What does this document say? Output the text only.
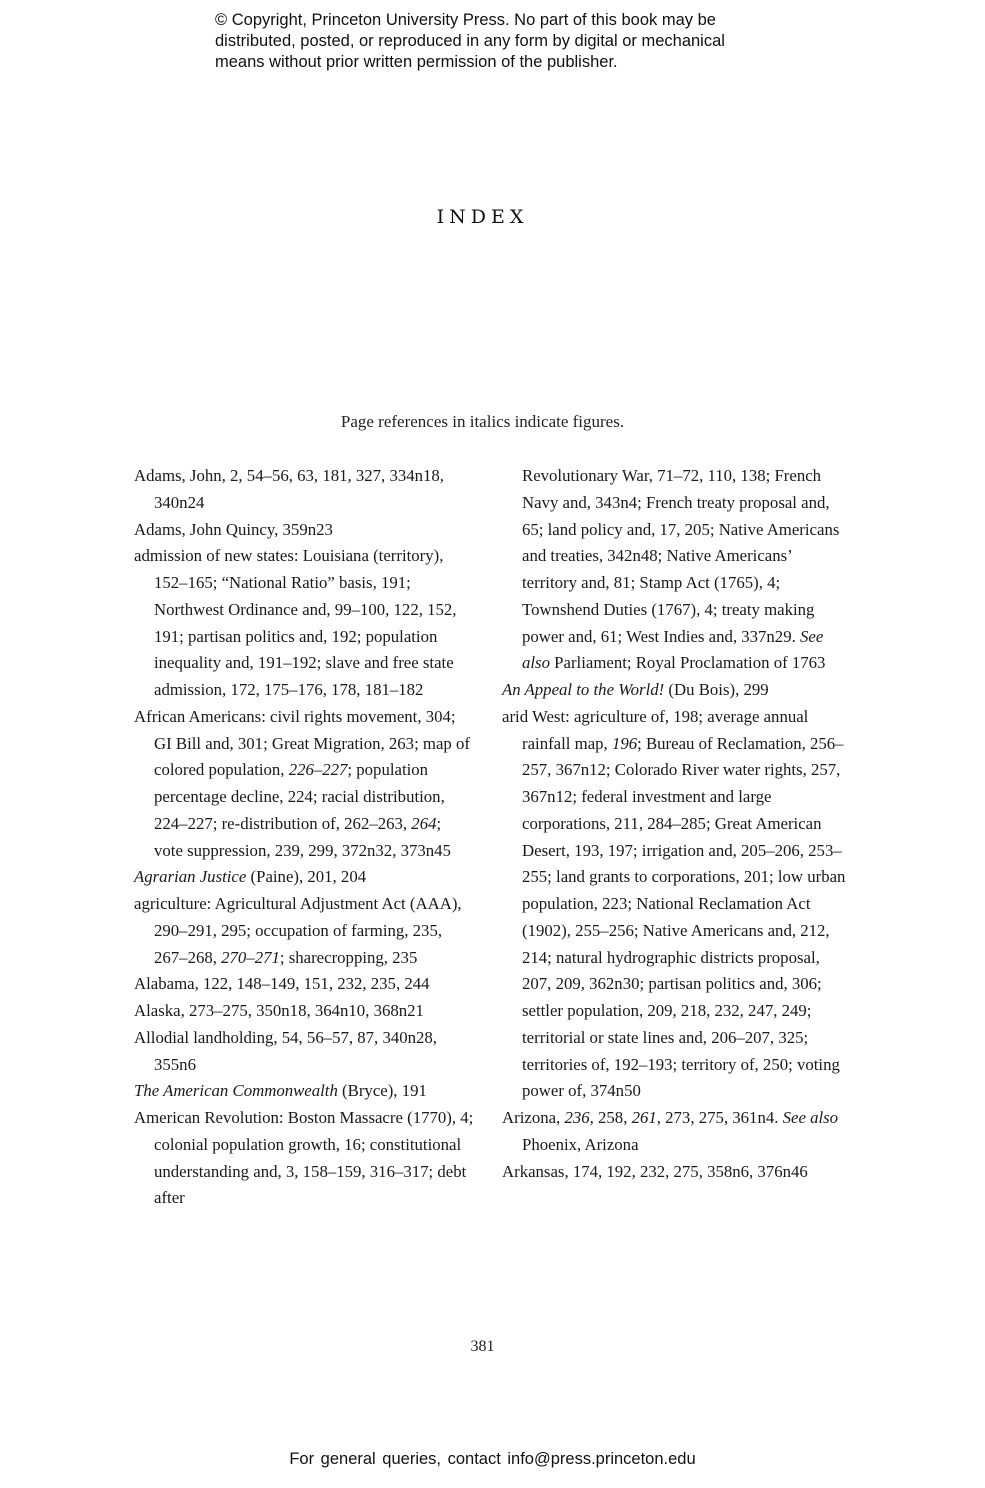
© Copyright, Princeton University Press. No part of this book may be
distributed, posted, or reproduced in any form by digital or mechanical
means without prior written permission of the publisher.
INDEX
Page references in italics indicate figures.
Adams, John, 2, 54–56, 63, 181, 327, 334n18, 340n24
Adams, John Quincy, 359n23
admission of new states: Louisiana (territory), 152–165; “National Ratio” basis, 191; Northwest Ordinance and, 99–100, 122, 152, 191; partisan politics and, 192; population inequality and, 191–192; slave and free state admission, 172, 175–176, 178, 181–182
African Americans: civil rights movement, 304; GI Bill and, 301; Great Migration, 263; map of colored population, 226–227; population percentage decline, 224; racial distribution, 224–227; re-distribution of, 262–263, 264; vote suppression, 239, 299, 372n32, 373n45
Agrarian Justice (Paine), 201, 204
agriculture: Agricultural Adjustment Act (AAA), 290–291, 295; occupation of farming, 235, 267–268, 270–271; sharecropping, 235
Alabama, 122, 148–149, 151, 232, 235, 244
Alaska, 273–275, 350n18, 364n10, 368n21
Allodial landholding, 54, 56–57, 87, 340n28, 355n6
The American Commonwealth (Bryce), 191
American Revolution: Boston Massacre (1770), 4; colonial population growth, 16; constitutional understanding and, 3, 158–159, 316–317; debt after
Revolutionary War, 71–72, 110, 138; French Navy and, 343n4; French treaty proposal and, 65; land policy and, 17, 205; Native Americans and treaties, 342n48; Native Americans’ territory and, 81; Stamp Act (1765), 4; Townshend Duties (1767), 4; treaty making power and, 61; West Indies and, 337n29. See also Parliament; Royal Proclamation of 1763
An Appeal to the World! (Du Bois), 299
arid West: agriculture of, 198; average annual rainfall map, 196; Bureau of Reclamation, 256–257, 367n12; Colorado River water rights, 257, 367n12; federal investment and large corporations, 211, 284–285; Great American Desert, 193, 197; irrigation and, 205–206, 253–255; land grants to corporations, 201; low urban population, 223; National Reclamation Act (1902), 255–256; Native Americans and, 212, 214; natural hydrographic districts proposal, 207, 209, 362n30; partisan politics and, 306; settler population, 209, 218, 232, 247, 249; territorial or state lines and, 206–207, 325; territories of, 192–193; territory of, 250; voting power of, 374n50
Arizona, 236, 258, 261, 273, 275, 361n4. See also Phoenix, Arizona
Arkansas, 174, 192, 232, 275, 358n6, 376n46
381
For general queries, contact info@press.princeton.edu
